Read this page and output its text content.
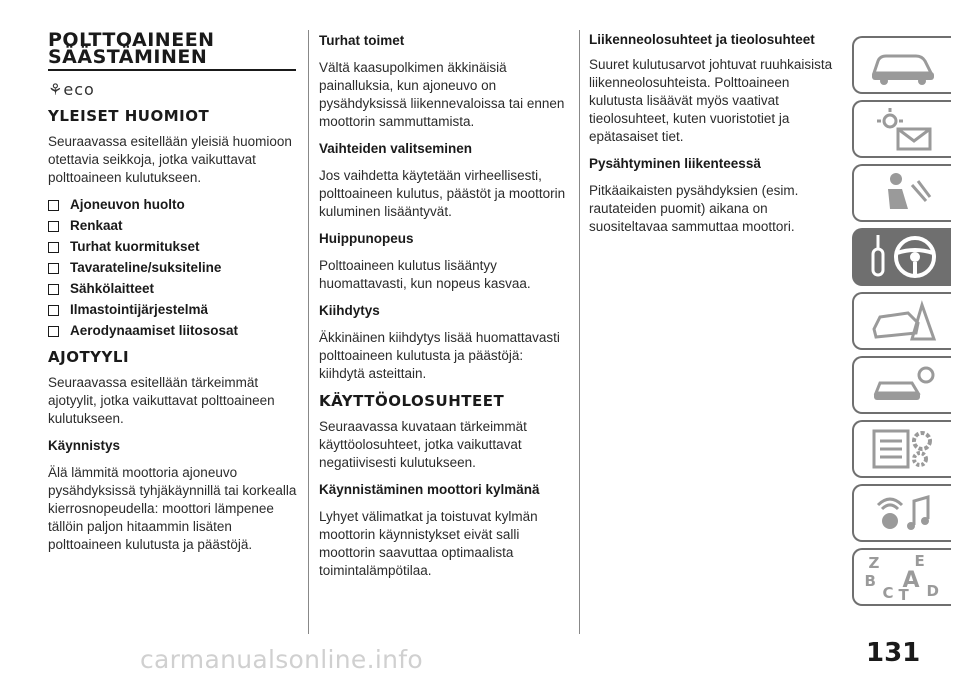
POLTTOAINEEN
SÄÄSTÄMINEN
⚘eco
YLEISET HUOMIOT

Seuraavassa esitellään yleisiä huomioon otettavia seikkoja, jotka vaikuttavat polttoaineen kulutukseen.

Ajoneuvon huolto
Renkaat
Turhat kuormitukset
Tavarateline/suksiteline
Sähkölaitteet
Ilmastointijärjestelmä
Aerodynaamiset liitososat
AJOTYYLI

Seuraavassa esitellään tärkeimmät ajotyylit, jotka vaikuttavat polttoaineen kulutukseen.

Käynnistys

Älä lämmitä moottoria ajoneuvo pysähdyksissä tyhjäkäynnillä tai korkealla kierrosnopeudella: moottori lämpenee tällöin paljon hitaammin lisäten polttoaineen kulutusta ja päästöjä.

Turhat toimet

Vältä kaasupolkimen äkkinäisiä painalluksia, kun ajoneuvo on pysähdyksissä liikennevaloissa tai ennen moottorin sammuttamista.

Vaihteiden valitseminen

Jos vaihdetta käytetään virheellisesti, polttoaineen kulutus, päästöt ja moottorin kuluminen lisääntyvät.

Huippunopeus

Polttoaineen kulutus lisääntyy huomattavasti, kun nopeus kasvaa.

Kiihdytys

Äkkinäinen kiihdytys lisää huomattavasti polttoaineen kulutusta ja päästöjä: kiihdytä asteittain.

KÄYTTÖOLOSUHTEET

Seuraavassa kuvataan tärkeimmät käyttöolosuhteet, jotka vaikuttavat negatiivisesti kulutukseen.

Käynnistäminen moottori kylmänä

Lyhyet välimatkat ja toistuvat kylmän moottorin käynnistykset eivät salli moottorin saavuttaa optimaalista toimintalämpötilaa.

Liikenneolosuhteet ja tieolosuhteet

Suuret kulutusarvot johtuvat ruuhkaisista liikenneolosuhteista. Polttoaineen kulutusta lisäävät myös vaativat tieolosuhteet, kuten vuoristotiet ja epätasaiset tiet.

Pysähtyminen liikenteessä

Pitkäaikaisten pysähdyksien (esim. rautateiden puomit) aikana on suositeltavaa sammuttaa moottori.

Z E
B A
C T D
carmanualsonline.info	131
